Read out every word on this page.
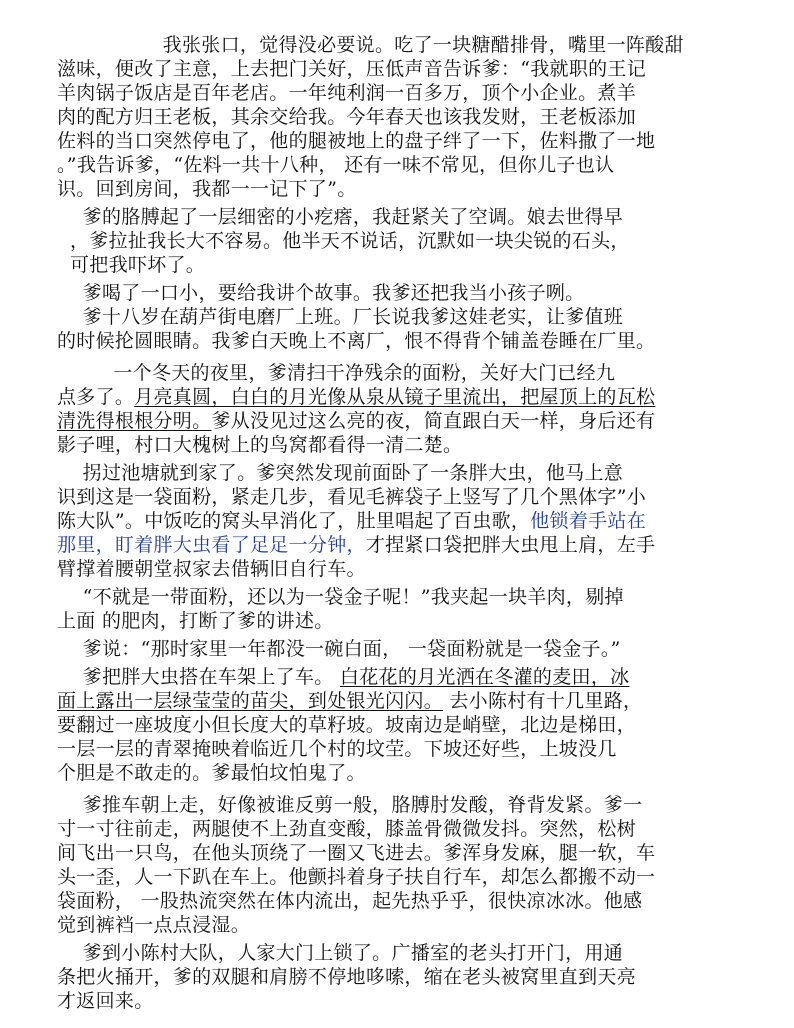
我张张口，觉得没必要说。吃了一块糖醋排骨，嘴里一阵酸甜
滋味，便改了主意，上去把门关好，压低声音告诉爹：“我就职的王记
羊肉锅子饭店是百年老店。一年纯利润一百多万，顶个小企业。煮羊
肉的配方归王老板，其余交给我。今年春天也该我发财，王老板添加
佐料的当口突然停电了，他的腿被地上的盘子绊了一下，佐料撒了一地
。”我告诉爹，“佐料一共十八种， 还有一味不常见，但你儿子也认
识。回到房间，我都一一记下了”。
爹的胳膊起了一层细密的小疙瘩，我赶紧关了空调。娘去世得早
，爹拉扯我长大不容易。他半天不说话，沉默如一块尖锐的石头，
可把我吓坏了。
爹喝了一口小，要给我讲个故事。我爹还把我当小孩子咧。
爹十八岁在葫芦街电磨厂上班。厂长说我爹这娃老实，让爹值班
的时候抡圆眼睛。我爹白天晚上不离厂，恨不得背个铺盖卷睡在厂里。
一个冬天的夜里，爹清扫干净残余的面粉，关好大门已经九
点多了。月亮真圆，白白的月光像从泉从镜子里流出，把屋顶上的瓦松
清洗得根根分明。爹从没见过这么亮的夜，简直跟白天一样，身后还有
影子哩，村口大槐树上的鸟窝都看得一清二楚。
拐过池塘就到家了。爹突然发现前面卧了一条胖大虫，他马上意
识到这是一袋面粉，紧走几步，看见毛裤袋子上竖写了几个黑体字”小
陈大队”。中饭吃的窝头早消化了，肚里唱起了百虫歌，他锁着手站在
那里，盯着胖大虫看了足足一分钟，才捏紧口袋把胖大虫甩上肩，左手
臂撑着腰朝堂叔家去借辆旧自行车。
“不就是一带面粉，还以为一袋金子呢！”我夹起一块羊肉，剔掉
上面 的肥肉，打断了爹的讲述。
爹说：“那时家里一年都没一碗白面， 一袋面粉就是一袋金子。”
爹把胖大虫搭在车架上了车。 白花花的月光洒在冬灌的麦田，冰
面上露出一层绿莹莹的苗尖，到处银光闪闪。 去小陈村有十几里路，
要翻过一座坡度小但长度大的草籽坡。坡南边是峭壁，北边是梯田，
一层一层的青翠掩映着临近几个村的坟茔。下坡还好些，上坡没几
个胆是不敢走的。爹最怕坟怕鬼了。
爹推车朝上走，好像被谁反剪一般，胳膊肘发酸，脊背发紧。爹一
寸一寸往前走，两腿使不上劲直变酸，膝盖骨微微发抖。突然，松树
间飞出一只鸟，在他头顶绕了一圈又飞进去。爹浑身发麻，腿一软，车
头一歪，人一下趴在车上。他颤抖着身子扶自行车，却怎么都搬不动一
袋面粉， 一股热流突然在体内流出，起先热乎乎，很快凉冰冰。他感
觉到裤裆一点点浸湿。
爹到小陈村大队，人家大门上锁了。广播室的老头打开门，用通
条把火捅开，爹的双腿和肩膀不停地哆嗦，缩在老头被窝里直到天亮
才返回来。
